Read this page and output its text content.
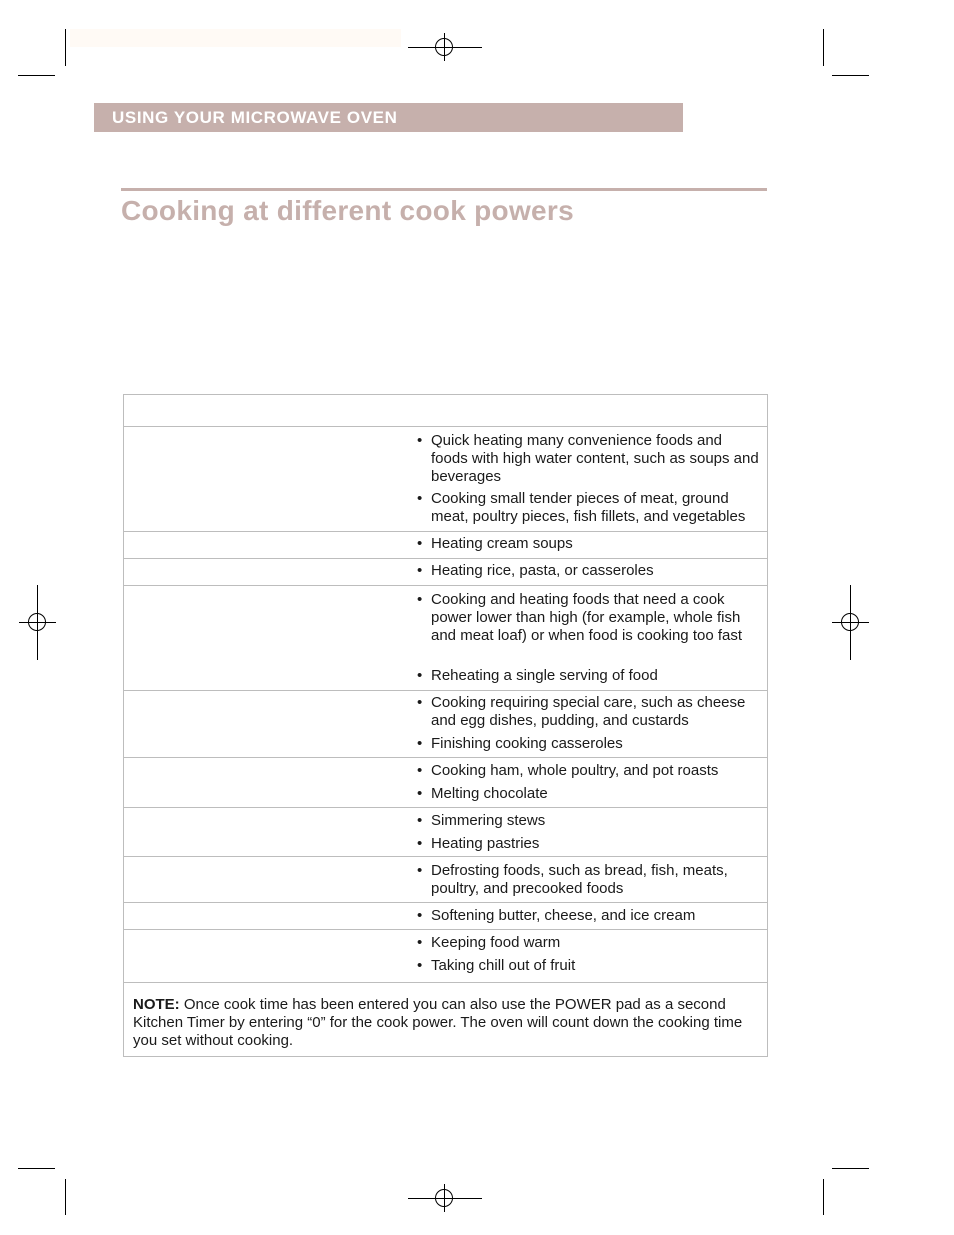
USING YOUR MICROWAVE OVEN
Cooking at different cook powers
• Quick heating many convenience foods and foods with high water content, such as soups and beverages
• Cooking small tender pieces of meat, ground meat, poultry pieces, fish fillets, and vegetables
• Heating cream soups
• Heating rice, pasta, or casseroles
• Cooking and heating foods that need a cook power lower than high (for example, whole fish and meat loaf) or when food is cooking too fast
• Reheating a single serving of food
• Cooking requiring special care, such as cheese and egg dishes, pudding, and custards
• Finishing cooking casseroles
• Cooking ham, whole poultry, and pot roasts
• Melting chocolate
• Simmering stews
• Heating pastries
• Defrosting foods, such as bread, fish, meats, poultry, and precooked foods
• Softening butter, cheese, and ice cream
• Keeping food warm
• Taking chill out of fruit
NOTE: Once cook time has been entered you can also use the POWER pad as a second Kitchen Timer by entering “0” for the cook power. The oven will count down the cooking time you set without cooking.
